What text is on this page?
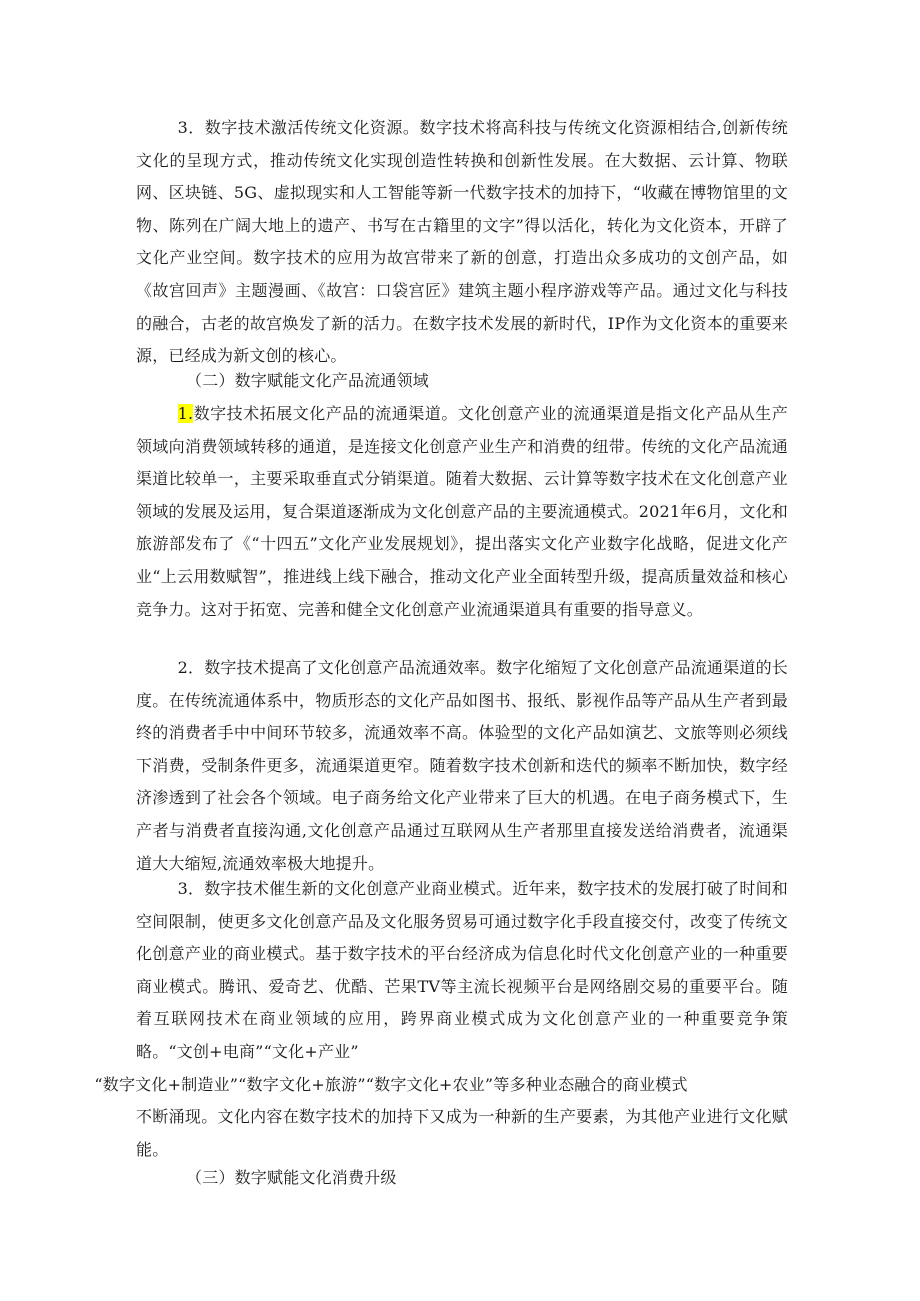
3．数字技术激活传统文化资源。数字技术将高科技与传统文化资源相结合,创新传统文化的呈现方式，推动传统文化实现创造性转换和创新性发展。在大数据、云计算、物联网、区块链、5G、虚拟现实和人工智能等新一代数字技术的加持下，“收藏在博物馆里的文物、陈列在广阔大地上的遗产、书写在古籍里的文字”得以活化，转化为文化资本，开辟了文化产业空间。数字技术的应用为故宫带来了新的创意，打造出众多成功的文创产品，如《故宫回声》主题漫画、《故宫：口袋宫匠》建筑主题小程序游戏等产品。通过文化与科技的融合，古老的故宫焕发了新的活力。在数字技术发展的新时代，IP作为文化资本的重要来源，已经成为新文创的核心。

（二）数字赋能文化产品流通领域

1.数字技术拓展文化产品的流通渠道。文化创意产业的流通渠道是指文化产品从生产领域向消费领域转移的通道，是连接文化创意产业生产和消费的纽带。传统的文化产品流通渠道比较单一，主要采取垂直式分销渠道。随着大数据、云计算等数字技术在文化创意产业领域的发展及运用，复合渠道逐渐成为文化创意产品的主要流通模式。2021年6月，文化和旅游部发布了《“十四五”文化产业发展规划》，提出落实文化产业数字化战略，促进文化产业“上云用数赋智”，推进线上线下融合，推动文化产业全面转型升级，提高质量效益和核心竞争力。这对于拓宽、完善和健全文化创意产业流通渠道具有重要的指导意义。

2．数字技术提高了文化创意产品流通效率。数字化缩短了文化创意产品流通渠道的长度。在传统流通体系中，物质形态的文化产品如图书、报纸、影视作品等产品从生产者到最终的消费者手中中间环节较多，流通效率不高。体验型的文化产品如演艺、文旅等则必须线下消费，受制条件更多，流通渠道更窄。随着数字技术创新和迭代的频率不断加快，数字经济渗透到了社会各个领域。电子商务给文化产业带来了巨大的机遇。在电子商务模式下，生产者与消费者直接沟通,文化创意产品通过互联网从生产者那里直接发送给消费者，流通渠道大大缩短,流通效率极大地提升。

3．数字技术催生新的文化创意产业商业模式。近年来，数字技术的发展打破了时间和空间限制，使更多文化创意产品及文化服务贸易可通过数字化手段直接交付，改变了传统文化创意产业的商业模式。基于数字技术的平台经济成为信息化时代文化创意产业的一种重要商业模式。腾讯、爱奇艺、优酷、芒果TV等主流长视频平台是网络剧交易的重要平台。随着互联网技术在商业领域的应用，跨界商业模式成为文化创意产业的一种重要竞争策略。“文创+电商”“文化+产业”
“数字文化+制造业”“数字文化+旅游”“数字文化+农业”等多种业态融合的商业模式
不断涌现。文化内容在数字技术的加持下又成为一种新的生产要素，为其他产业进行文化赋能。

（三）数字赋能文化消费升级
